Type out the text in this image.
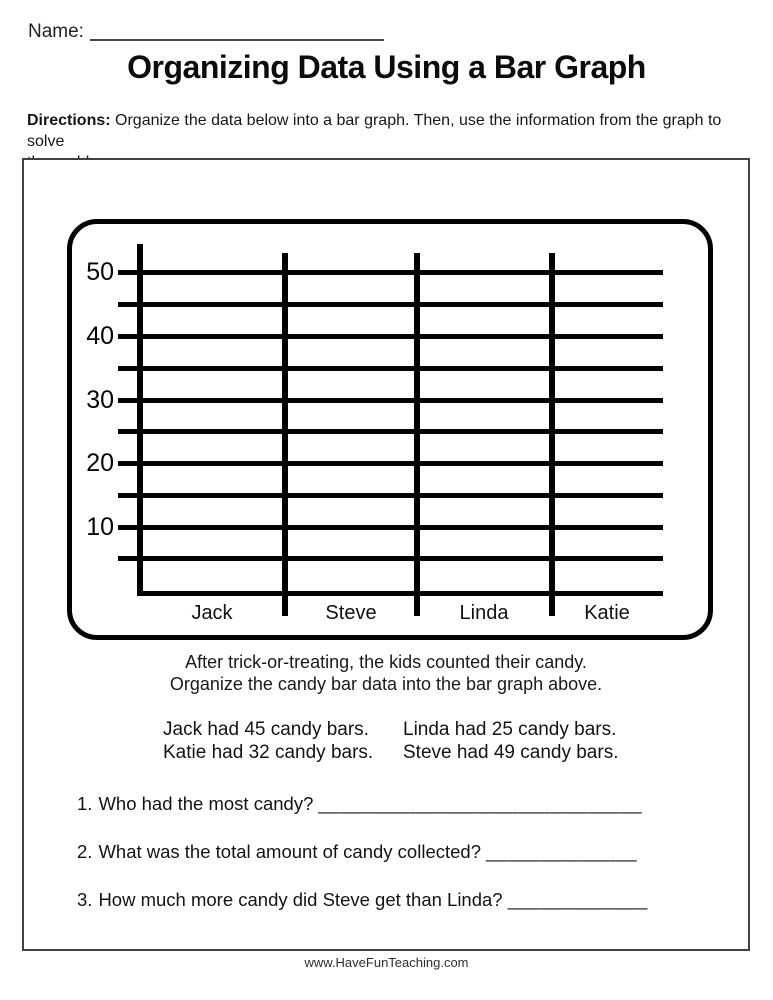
Name:
Organizing Data Using a Bar Graph

Directions: Organize the data below into a bar graph. Then, use the information from the graph to solve

50
40
30
20
10
Jack	Steve	Linda	Katie
After trick-or-treating, the kids counted their candy.
Organize the candy bar data into the bar graph above.
Jack had 45 candy bars.	Linda had 25 candy bars.
Katie had 32 candy bars.	Steve had 49 candy bars.
1. Who had the most candy? ______________________________
2. What was the total amount of candy collected? ______________
3. How much more candy did Steve get than Linda? _____________
www.HaveFunTeaching.com
